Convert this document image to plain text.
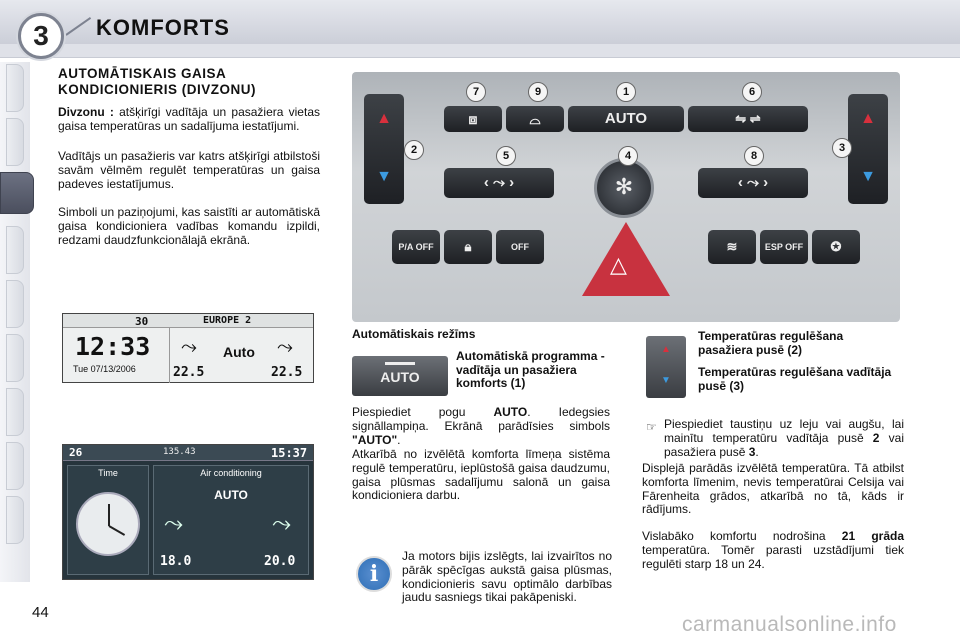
3	KOMFORTS
AUTOMĀTISKAIS GAISA KONDICIONIERIS (DIVZONU)
Divzonu : atšķirīgi vadītāja un pasažiera vietas gaisa temperatūras un sadalījuma iestatījumi.
Vadītājs un pasažieris var katrs atšķirīgi atbilstoši savām vēlmēm regulēt temperatūras un gaisa padeves iestatījumus.
Simboli un paziņojumi, kas saistīti ar automātiskā gaisa kondicioniera vadības komandu izpildi, redzami daudzfunkcionālajā ekrānā.
30	EUROPE 2
12:33
Tue 07/13/2006
⤳ Auto ⤳
22.5	22.5
26	135.43	15:37
Time	Air conditioning
AUTO
⤳	⤳
18.0	20.0
▲
▼
▲
▼
⧈	⌓	AUTO	⇋ ⇌
‹ ⤳ ›	‹ ⤳ ›
✻
△
P/A OFF	🔒︎	OFF	≋	ESP OFF	✪
7	9	1	6
2	5	4	8
3
Automātiskais režīms
AUTO
Automātiskā programma - vadītāja un pasažiera komforts (1)
Piespiediet pogu AUTO. Iedegsies signāllampiņa. Ekrānā parādīsies simbols "AUTO".
Atkarībā no izvēlētā komforta līmeņa sistēma regulē temperatūru, ieplūstošā gaisa daudzumu, gaisa plūsmas sadalījumu salonā un gaisa kondicioniera darbu.
i
Ja motors bijis izslēgts, lai izvairītos no pārāk spēcīgas aukstā gaisa plūsmas, kondicionieris savu optimālo darbības jaudu sasniegs tikai pakāpeniski.
▲
▼
Temperatūras regulēšana pasažiera pusē (2)
Temperatūras regulēšana vadītāja pusē (3)
☞ Piespiediet taustiņu uz leju vai augšu, lai mainītu temperatūru vadītāja pusē 2 vai pasažiera pusē 3.
Displejā parādās izvēlētā temperatūra. Tā atbilst komforta līmenim, nevis temperatūrai Celsija vai Fārenheita grādos, atkarībā no tā, kāds ir rādījums.
Vislabāko komfortu nodrošina 21 grāda temperatūra. Tomēr parasti uzstādījumi tiek regulēti starp 18 un 24.
44
carmanualsonline.info
